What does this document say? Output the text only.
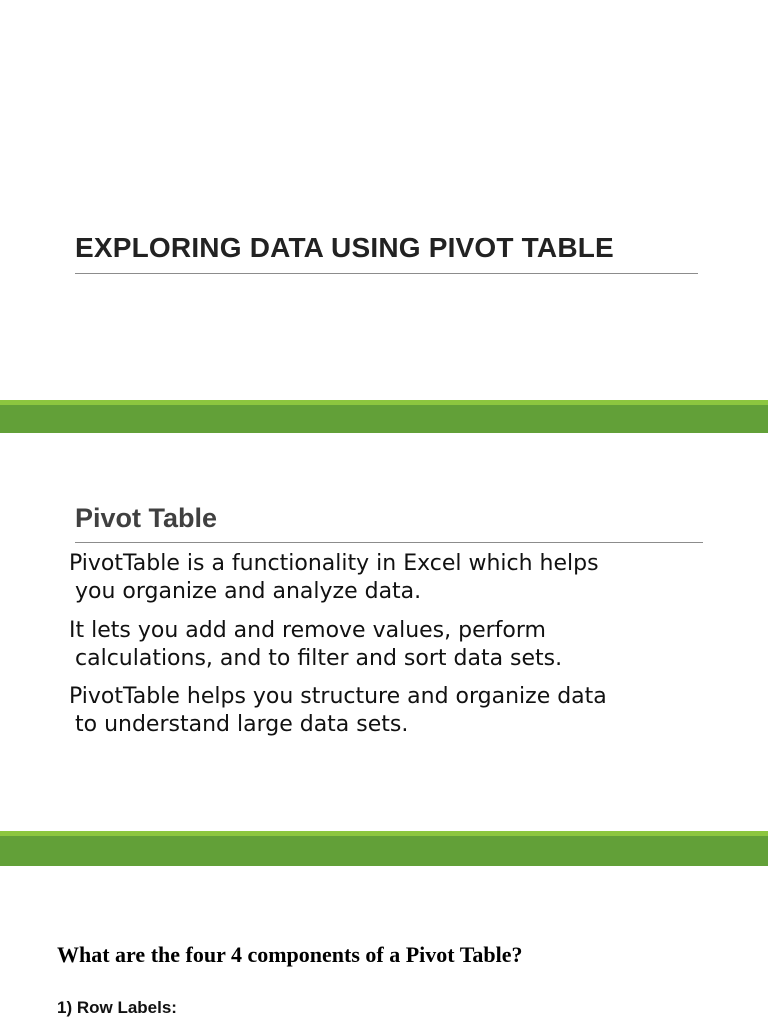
EXPLORING DATA USING PIVOT TABLE
Pivot Table

PivotTable is a functionality in Excel which helps
you organize and analyze data.

It lets you add and remove values, perform
calculations, and to filter and sort data sets.

PivotTable helps you structure and organize data
to understand large data sets.

What are the four 4 components of a Pivot Table?
1) Row Labels:
